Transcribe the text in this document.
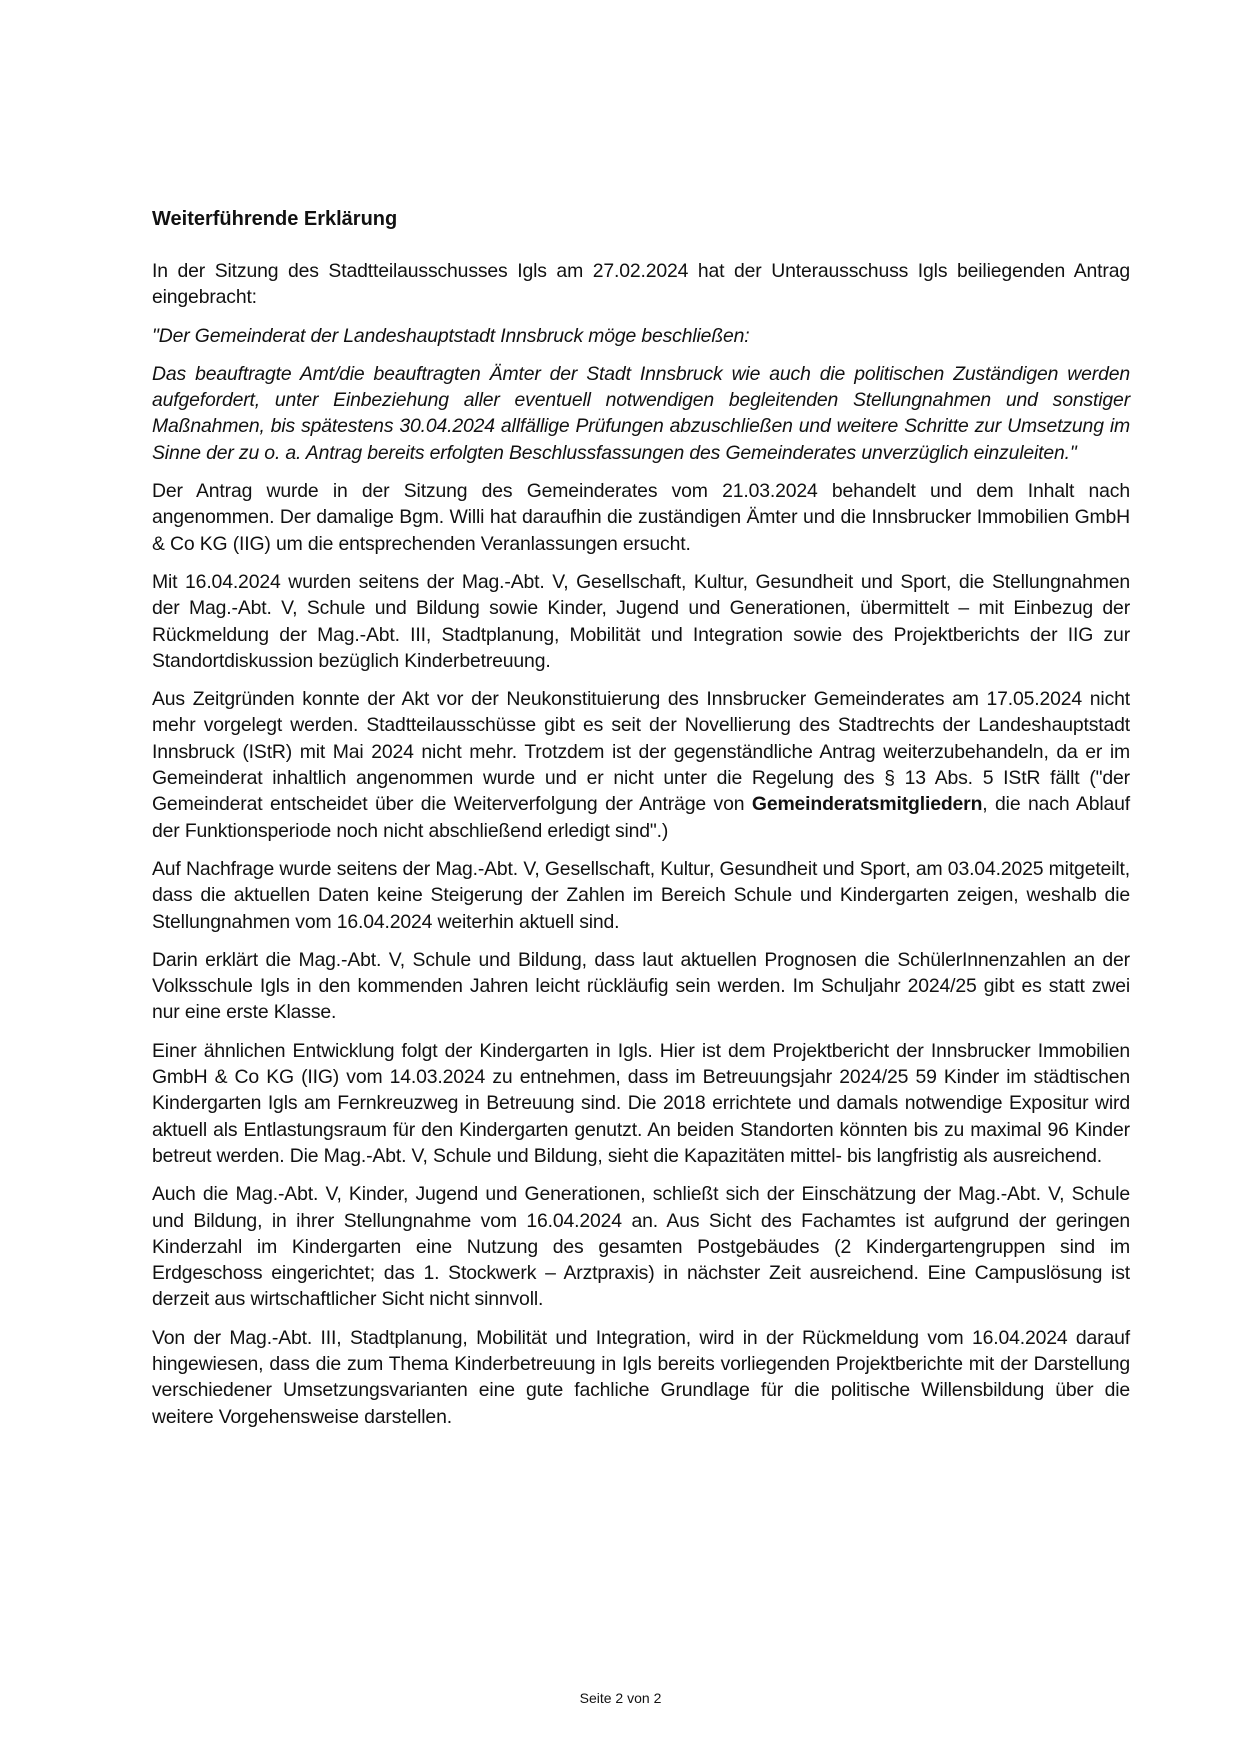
Weiterführende Erklärung

In der Sitzung des Stadtteilausschusses Igls am 27.02.2024 hat der Unterausschuss Igls beiliegenden Antrag eingebracht:

"Der Gemeinderat der Landeshauptstadt Innsbruck möge beschließen:

Das beauftragte Amt/die beauftragten Ämter der Stadt Innsbruck wie auch die politischen Zuständigen werden aufgefordert, unter Einbeziehung aller eventuell notwendigen begleitenden Stellungnahmen und sonstiger Maßnahmen, bis spätestens 30.04.2024 allfällige Prüfungen abzuschließen und weitere Schritte zur Umsetzung im Sinne der zu o. a. Antrag bereits erfolgten Beschlussfassungen des Gemeinderates unverzüglich einzuleiten."

Der Antrag wurde in der Sitzung des Gemeinderates vom 21.03.2024 behandelt und dem Inhalt nach angenommen. Der damalige Bgm. Willi hat daraufhin die zuständigen Ämter und die Innsbrucker Immobilien GmbH & Co KG (IIG) um die entsprechenden Veranlassungen ersucht.

Mit 16.04.2024 wurden seitens der Mag.-Abt. V, Gesellschaft, Kultur, Gesundheit und Sport, die Stellungnahmen der Mag.-Abt. V, Schule und Bildung sowie Kinder, Jugend und Generationen, übermittelt – mit Einbezug der Rückmeldung der Mag.-Abt. III, Stadtplanung, Mobilität und Integration sowie des Projektberichts der IIG zur Standortdiskussion bezüglich Kinderbetreuung.

Aus Zeitgründen konnte der Akt vor der Neukonstituierung des Innsbrucker Gemeinderates am 17.05.2024 nicht mehr vorgelegt werden. Stadtteilausschüsse gibt es seit der Novellierung des Stadtrechts der Landeshauptstadt Innsbruck (IStR) mit Mai 2024 nicht mehr. Trotzdem ist der gegenständliche Antrag weiterzubehandeln, da er im Gemeinderat inhaltlich angenommen wurde und er nicht unter die Regelung des § 13 Abs. 5 IStR fällt ("der Gemeinderat entscheidet über die Weiterverfolgung der Anträge von Gemeinderatsmitgliedern, die nach Ablauf der Funktionsperiode noch nicht abschließend erledigt sind".)

Auf Nachfrage wurde seitens der Mag.-Abt. V, Gesellschaft, Kultur, Gesundheit und Sport, am 03.04.2025 mitgeteilt, dass die aktuellen Daten keine Steigerung der Zahlen im Bereich Schule und Kindergarten zeigen, weshalb die Stellungnahmen vom 16.04.2024 weiterhin aktuell sind.

Darin erklärt die Mag.-Abt. V, Schule und Bildung, dass laut aktuellen Prognosen die SchülerInnenzahlen an der Volksschule Igls in den kommenden Jahren leicht rückläufig sein werden. Im Schuljahr 2024/25 gibt es statt zwei nur eine erste Klasse.

Einer ähnlichen Entwicklung folgt der Kindergarten in Igls. Hier ist dem Projektbericht der Innsbrucker Immobilien GmbH & Co KG (IIG) vom 14.03.2024 zu entnehmen, dass im Betreuungsjahr 2024/25 59 Kinder im städtischen Kindergarten Igls am Fernkreuzweg in Betreuung sind. Die 2018 errichtete und damals notwendige Expositur wird aktuell als Entlastungsraum für den Kindergarten genutzt. An beiden Standorten könnten bis zu maximal 96 Kinder betreut werden. Die Mag.-Abt. V, Schule und Bildung, sieht die Kapazitäten mittel- bis langfristig als ausreichend.

Auch die Mag.-Abt. V, Kinder, Jugend und Generationen, schließt sich der Einschätzung der Mag.-Abt. V, Schule und Bildung, in ihrer Stellungnahme vom 16.04.2024 an. Aus Sicht des Fachamtes ist aufgrund der geringen Kinderzahl im Kindergarten eine Nutzung des gesamten Postgebäudes (2 Kindergartengruppen sind im Erdgeschoss eingerichtet; das 1. Stockwerk – Arztpraxis) in nächster Zeit ausreichend. Eine Campuslösung ist derzeit aus wirtschaftlicher Sicht nicht sinnvoll.

Von der Mag.-Abt. III, Stadtplanung, Mobilität und Integration, wird in der Rückmeldung vom 16.04.2024 darauf hingewiesen, dass die zum Thema Kinderbetreuung in Igls bereits vorliegenden Projektberichte mit der Darstellung verschiedener Umsetzungsvarianten eine gute fachliche Grundlage für die politische Willensbildung über die weitere Vorgehensweise darstellen.

Seite 2 von 2
